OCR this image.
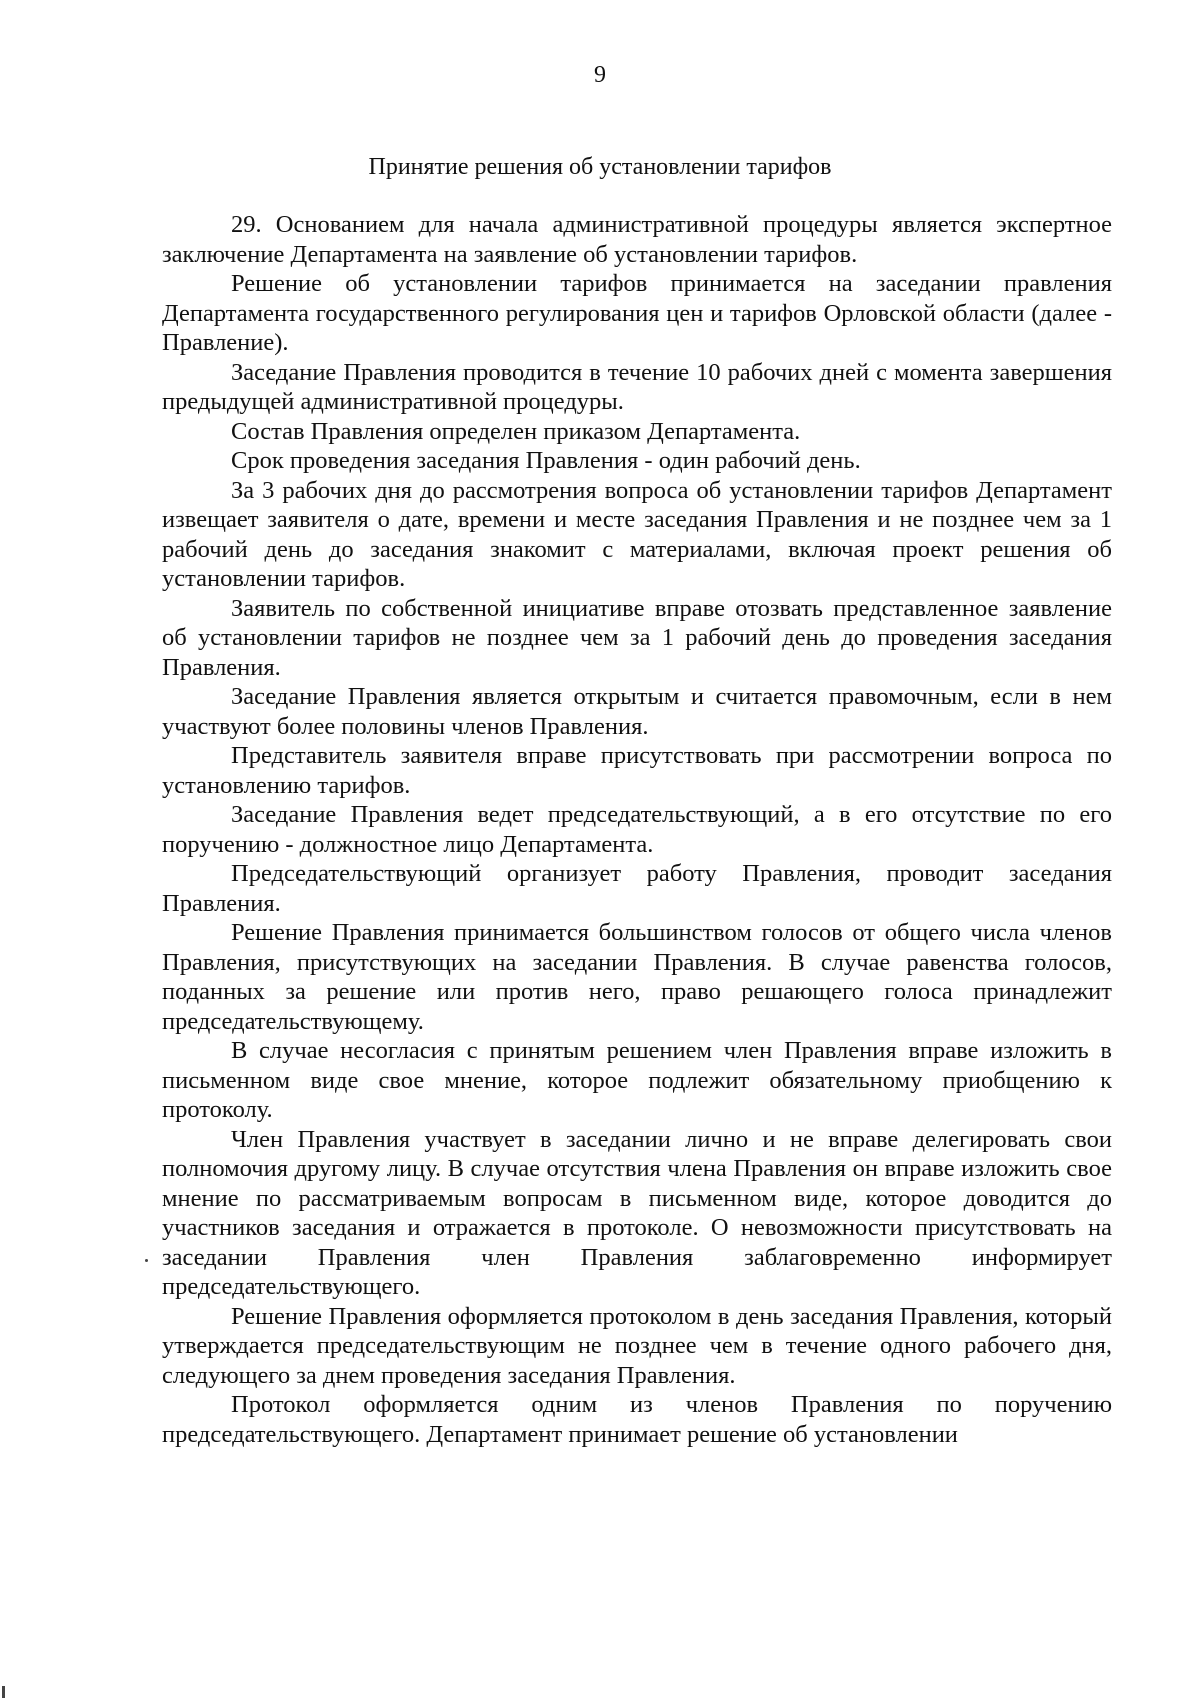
9
Принятие решения об установлении тарифов

29. Основанием для начала административной процедуры является экспертное заключение Департамента на заявление об установлении тарифов.

Решение об установлении тарифов принимается на заседании правления Департамента государственного регулирования цен и тарифов Орловской области (далее - Правление).

Заседание Правления проводится в течение 10 рабочих дней с момента завершения предыдущей административной процедуры.

Состав Правления определен приказом Департамента.

Срок проведения заседания Правления - один рабочий день.

За 3 рабочих дня до рассмотрения вопроса об установлении тарифов Департамент извещает заявителя о дате, времени и месте заседания Правления и не позднее чем за 1 рабочий день до заседания знакомит с материалами, включая проект решения об установлении тарифов.

Заявитель по собственной инициативе вправе отозвать представленное заявление об установлении тарифов не позднее чем за 1 рабочий день до проведения заседания Правления.

Заседание Правления является открытым и считается правомочным, если в нем участвуют более половины членов Правления.

Представитель заявителя вправе присутствовать при рассмотрении вопроса по установлению тарифов.

Заседание Правления ведет председательствующий, а в его отсутствие по его поручению - должностное лицо Департамента.

Председательствующий организует работу Правления, проводит заседания Правления.

Решение Правления принимается большинством голосов от общего числа членов Правления, присутствующих на заседании Правления. В случае равенства голосов, поданных за решение или против него, право решающего голоса принадлежит председательствующему.

В случае несогласия с принятым решением член Правления вправе изложить в письменном виде свое мнение, которое подлежит обязательному приобщению к протоколу.

Член Правления участвует в заседании лично и не вправе делегировать свои полномочия другому лицу. В случае отсутствия члена Правления он вправе изложить свое мнение по рассматриваемым вопросам в письменном виде, которое доводится до участников заседания и отражается в протоколе. О невозможности присутствовать на заседании Правления член Правления заблаговременно информирует председательствующего.

Решение Правления оформляется протоколом в день заседания Правления, который утверждается председательствующим не позднее чем в течение одного рабочего дня, следующего за днем проведения заседания Правления.

Протокол оформляется одним из членов Правления по поручению председательствующего. Департамент принимает решение об установлении
